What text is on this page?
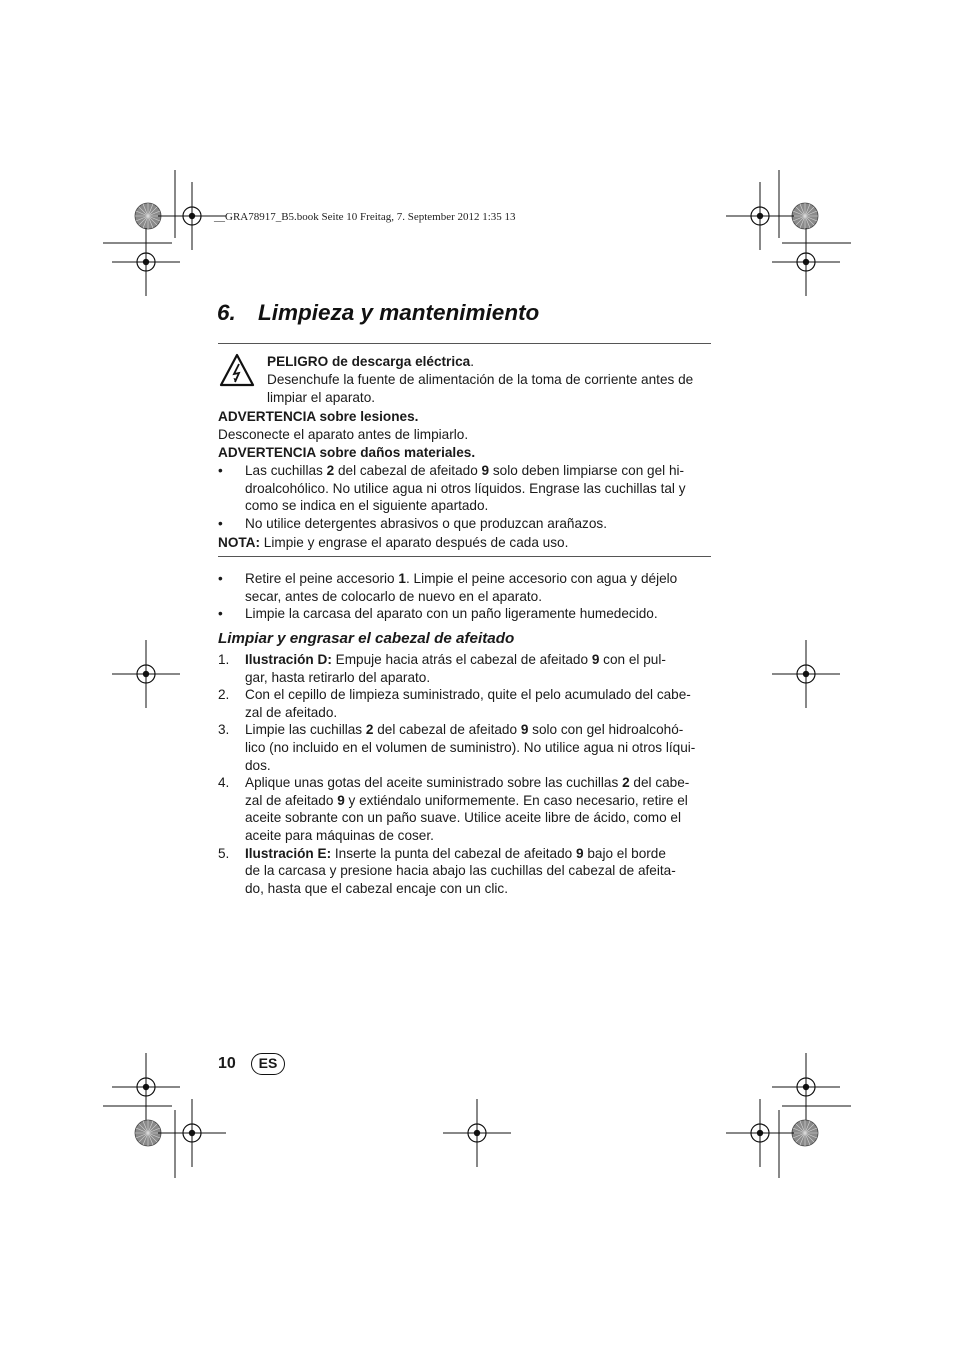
__GRA78917_B5.book Seite 10 Freitag, 7. September 2012 1:35 13
6. Limpieza y mantenimiento
PELIGRO de descarga eléctrica.
Desenchufe la fuente de alimentación de la toma de corriente antes de
limpiar el aparato.
ADVERTENCIA sobre lesiones.
Desconecte el aparato antes de limpiarlo.
ADVERTENCIA sobre daños materiales.
• Las cuchillas 2 del cabezal de afeitado 9 solo deben limpiarse con gel hi-
droalcohólico. No utilice agua ni otros líquidos. Engrase las cuchillas tal y
como se indica en el siguiente apartado.
• No utilice detergentes abrasivos o que produzcan arañazos.
NOTA: Limpie y engrase el aparato después de cada uso.
• Retire el peine accesorio 1. Limpie el peine accesorio con agua y déjelo
secar, antes de colocarlo de nuevo en el aparato.
• Limpie la carcasa del aparato con un paño ligeramente humedecido.
Limpiar y engrasar el cabezal de afeitado
1. Ilustración D: Empuje hacia atrás el cabezal de afeitado 9 con el pul-
gar, hasta retirarlo del aparato.
2. Con el cepillo de limpieza suministrado, quite el pelo acumulado del cabe-
zal de afeitado.
3. Limpie las cuchillas 2 del cabezal de afeitado 9 solo con gel hidroalcohó-
lico (no incluido en el volumen de suministro). No utilice agua ni otros líqui-
dos.
4. Aplique unas gotas del aceite suministrado sobre las cuchillas 2 del cabe-
zal de afeitado 9 y extiéndalo uniformemente. En caso necesario, retire el
aceite sobrante con un paño suave. Utilice aceite libre de ácido, como el
aceite para máquinas de coser.
5. Ilustración E: Inserte la punta del cabezal de afeitado 9 bajo el borde
de la carcasa y presione hacia abajo las cuchillas del cabezal de afeita-
do, hasta que el cabezal encaje con un clic.
10	ES
